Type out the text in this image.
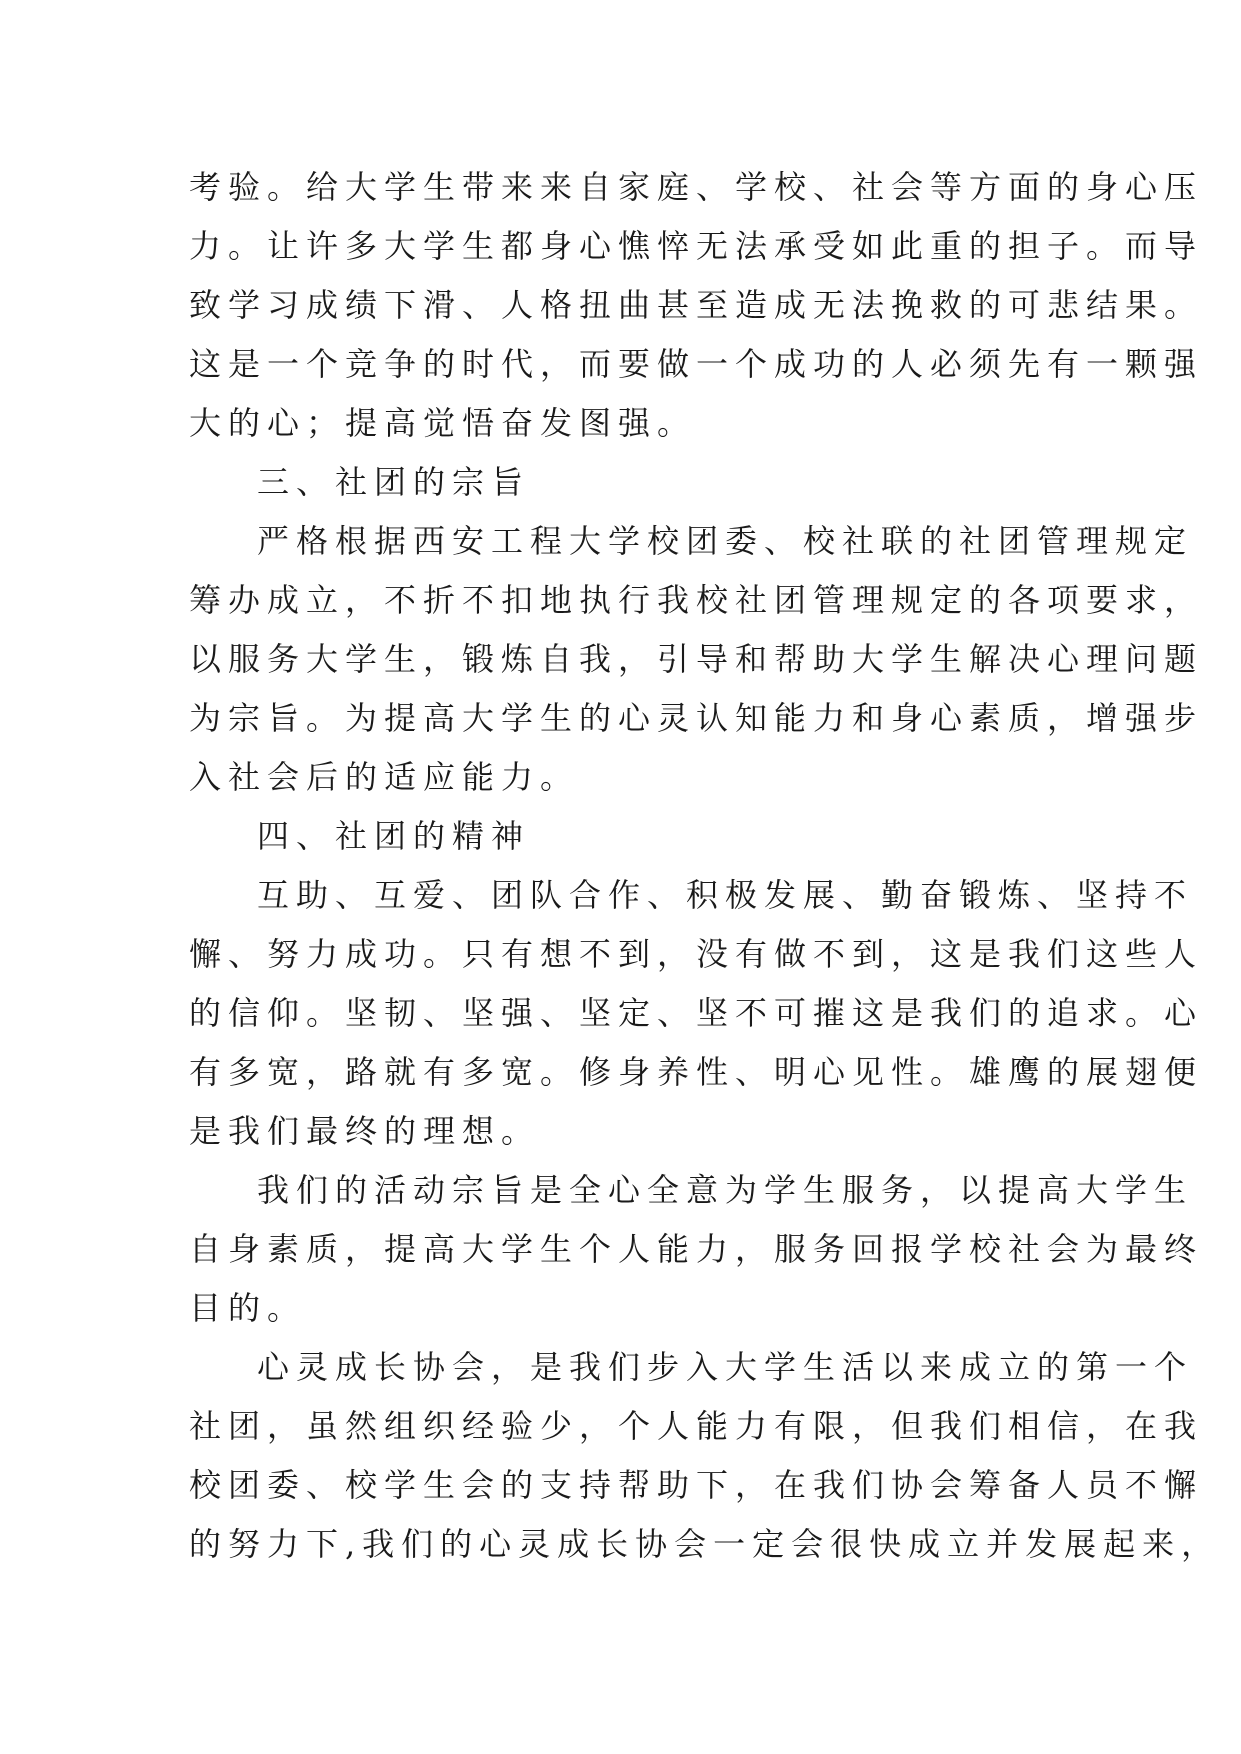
考验。给大学生带来来自家庭、学校、社会等方面的身心压
力。让许多大学生都身心憔悴无法承受如此重的担子。而导
致学习成绩下滑、人格扭曲甚至造成无法挽救的可悲结果。
这是一个竞争的时代，而要做一个成功的人必须先有一颗强
大的心；提高觉悟奋发图强。
三、社团的宗旨
严格根据西安工程大学校团委、校社联的社团管理规定
筹办成立，不折不扣地执行我校社团管理规定的各项要求，
以服务大学生，锻炼自我，引导和帮助大学生解决心理问题
为宗旨。为提高大学生的心灵认知能力和身心素质，增强步
入社会后的适应能力。
四、社团的精神
互助、互爱、团队合作、积极发展、勤奋锻炼、坚持不
懈、努力成功。只有想不到，没有做不到，这是我们这些人
的信仰。坚韧、坚强、坚定、坚不可摧这是我们的追求。心
有多宽，路就有多宽。修身养性、明心见性。雄鹰的展翅便
是我们最终的理想。
我们的活动宗旨是全心全意为学生服务，以提高大学生
自身素质，提高大学生个人能力，服务回报学校社会为最终
目的。
心灵成长协会，是我们步入大学生活以来成立的第一个
社团，虽然组织经验少，个人能力有限，但我们相信，在我
校团委、校学生会的支持帮助下，在我们协会筹备人员不懈
的努力下,我们的心灵成长协会一定会很快成立并发展起来，
